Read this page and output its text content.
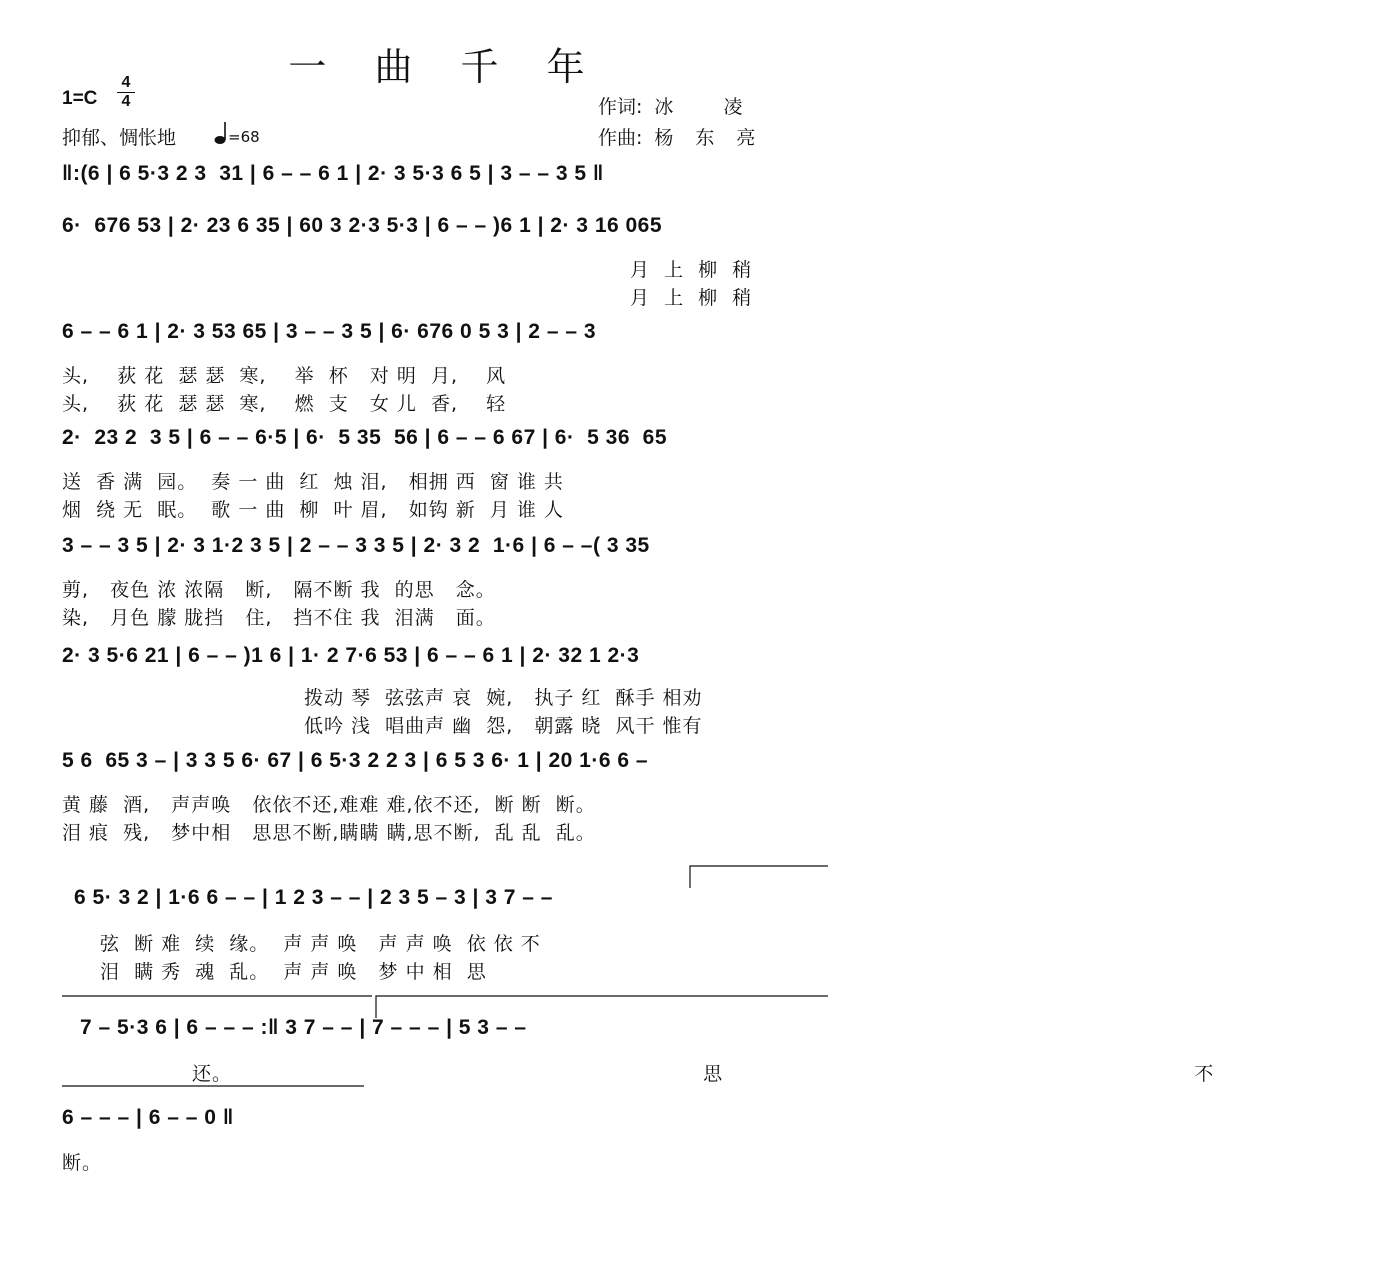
一 曲 千 年
1=C
4
4
抑郁、惆怅地	=68
作词: 冰 凌
作曲: 杨东亮
‖:(6 | 6 5·3 2 3  31 | 6 – – 6 1 | 2· 3 5·3 6 5 | 3 – – 3 5 ‖
6·  676 53 | 2· 23 6 35 | 60 3 2·3 5·3 | 6 – – )6 1 | 2· 3 16 065
月  上  柳  稍
月  上  柳  稍
6 – – 6 1 | 2· 3 53 65 | 3 – – 3 5 | 6· 676 0 5 3 | 2 – – 3
头,    荻 花  瑟 瑟  寒,    举  杯   对 明  月,    风
头,    荻 花  瑟 瑟  寒,    燃  支   女 儿  香,    轻
2·  23 2  3 5 | 6 – – 6·5 | 6·  5 35  56 | 6 – – 6 67 | 6·  5 36  65
送  香 满  园。  奏 一 曲  红  烛 泪,   相拥 西  窗 谁 共
烟  绕 无  眠。  歌 一 曲  柳  叶 眉,   如钩 新  月 谁 人
3 – – 3 5 | 2· 3 1·2 3 5 | 2 – – 3 3 5 | 2· 3 2  1·6 | 6 – –( 3 35
剪,   夜色 浓 浓隔   断,   隔不断 我  的思   念。
染,   月色 朦 胧挡   住,   挡不住 我  泪满   面。
2· 3 5·6 21 | 6 – – )1 6 | 1· 2 7·6 53 | 6 – – 6 1 | 2· 32 1 2·3
拨动 琴  弦弦声 哀  婉,   执子 红  酥手 相劝
低吟 浅  唱曲声 幽  怨,   朝露 晓  风干 惟有
5 6  65 3 – | 3 3 5 6· 67 | 6 5·3 2 2 3 | 6 5 3 6· 1 | 20 1·6 6 –
黄 藤  酒,   声声唤   依依不还,难难 难,依不还,  断 断  断。
泪 痕  残,   梦中相   思思不断,瞒瞒 瞒,思不断,  乱 乱  乱。
6 5· 3 2 | 1·6 6 – – | 1 2 3 – – | 2 3 5 – 3 | 3 7 – –
弦  断 难  续  缘。  声 声 唤   声 声 唤  依 依 不
泪  瞒 秀  魂  乱。  声 声 唤   梦 中 相  思
7 – 5·3 6 | 6 – – – :‖ 3 7 – – | 7 – – – | 5 3 – –
还。   思   不
6 – – – | 6 – – 0 ‖
断。
